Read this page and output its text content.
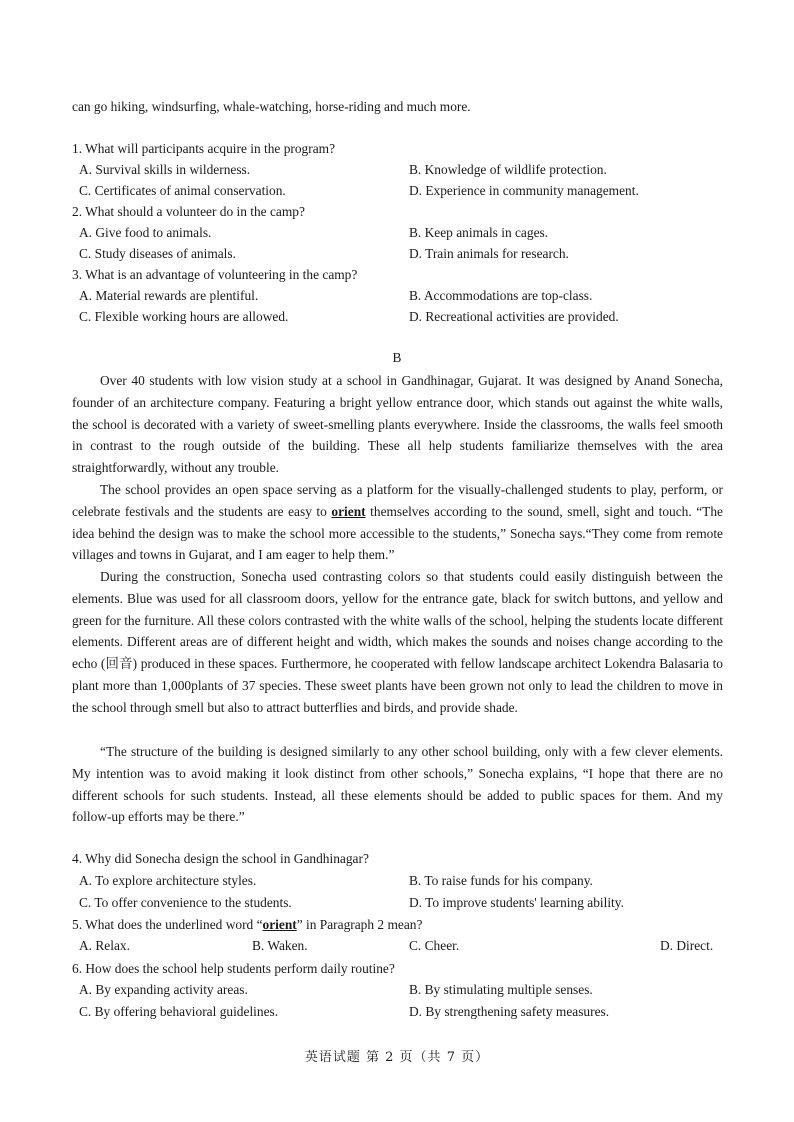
can go hiking, windsurfing, whale-watching, horse-riding and much more.
1. What will participants acquire in the program?
A. Survival skills in wilderness.	B. Knowledge of wildlife protection.
C. Certificates of animal conservation.	D. Experience in community management.
2. What should a volunteer do in the camp?
A. Give food to animals.	B. Keep animals in cages.
C. Study diseases of animals.	D. Train animals for research.
3. What is an advantage of volunteering in the camp?
A. Material rewards are plentiful.	B. Accommodations are top-class.
C. Flexible working hours are allowed.	D. Recreational activities are provided.
B

Over 40 students with low vision study at a school in Gandhinagar, Gujarat. It was designed by Anand Sonecha, founder of an architecture company. Featuring a bright yellow entrance door, which stands out against the white walls, the school is decorated with a variety of sweet-smelling plants everywhere. Inside the classrooms, the walls feel smooth in contrast to the rough outside of the building. These all help students familiarize themselves with the area straightforwardly, without any trouble.

The school provides an open space serving as a platform for the visually-challenged students to play, perform, or celebrate festivals and the students are easy to orient themselves according to the sound, smell, sight and touch. “The idea behind the design was to make the school more accessible to the students,” Sonecha says.“They come from remote villages and towns in Gujarat, and I am eager to help them.”

During the construction, Sonecha used contrasting colors so that students could easily distinguish between the elements. Blue was used for all classroom doors, yellow for the entrance gate, black for switch buttons, and yellow and green for the furniture. All these colors contrasted with the white walls of the school, helping the students locate different elements. Different areas are of different height and width, which makes the sounds and noises change according to the echo (回音) produced in these spaces. Furthermore, he cooperated with fellow landscape architect Lokendra Balasaria to plant more than 1,000plants of 37 species. These sweet plants have been grown not only to lead the children to move in the school through smell but also to attract butterflies and birds, and provide shade.

“The structure of the building is designed similarly to any other school building, only with a few clever elements. My intention was to avoid making it look distinct from other schools,” Sonecha explains, “I hope that there are no different schools for such students. Instead, all these elements should be added to public spaces for them. And my follow-up efforts may be there.”

4. Why did Sonecha design the school in Gandhinagar?
A. To explore architecture styles.	B. To raise funds for his company.
C. To offer convenience to the students.	D. To improve students' learning ability.
5. What does the underlined word “orient” in Paragraph 2 mean?
A. Relax.	B. Waken.	C. Cheer.	D. Direct.
6. How does the school help students perform daily routine?
A. By expanding activity areas.	B. By stimulating multiple senses.
C. By offering behavioral guidelines.	D. By strengthening safety measures.
英语试题 第 2 页（共 7 页）
